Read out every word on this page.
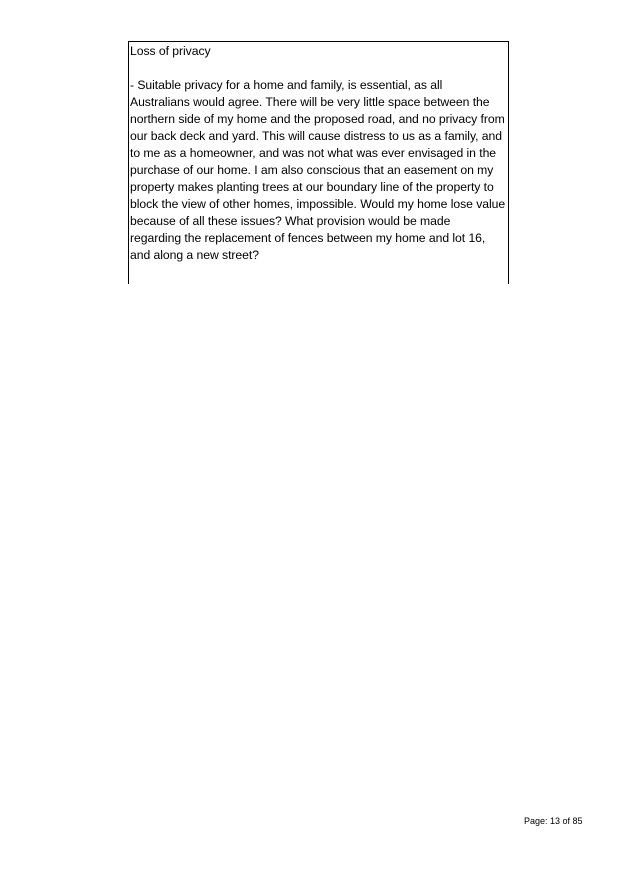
Loss of privacy

- Suitable privacy for a home and family, is essential, as all

Australians would agree. There will be very little space between the

northern side of my home and the proposed road, and no privacy from

our back deck and yard. This will cause distress to us as a family, and

to me as a homeowner, and was not what was ever envisaged in the

purchase of our home. I am also conscious that an easement on my

property makes planting trees at our boundary line of the property to

block the view of other homes, impossible. Would my home lose value

because of all these issues? What provision would be made

regarding the replacement of fences between my home and lot 16,

and along a new street?

Page: 13 of 85
